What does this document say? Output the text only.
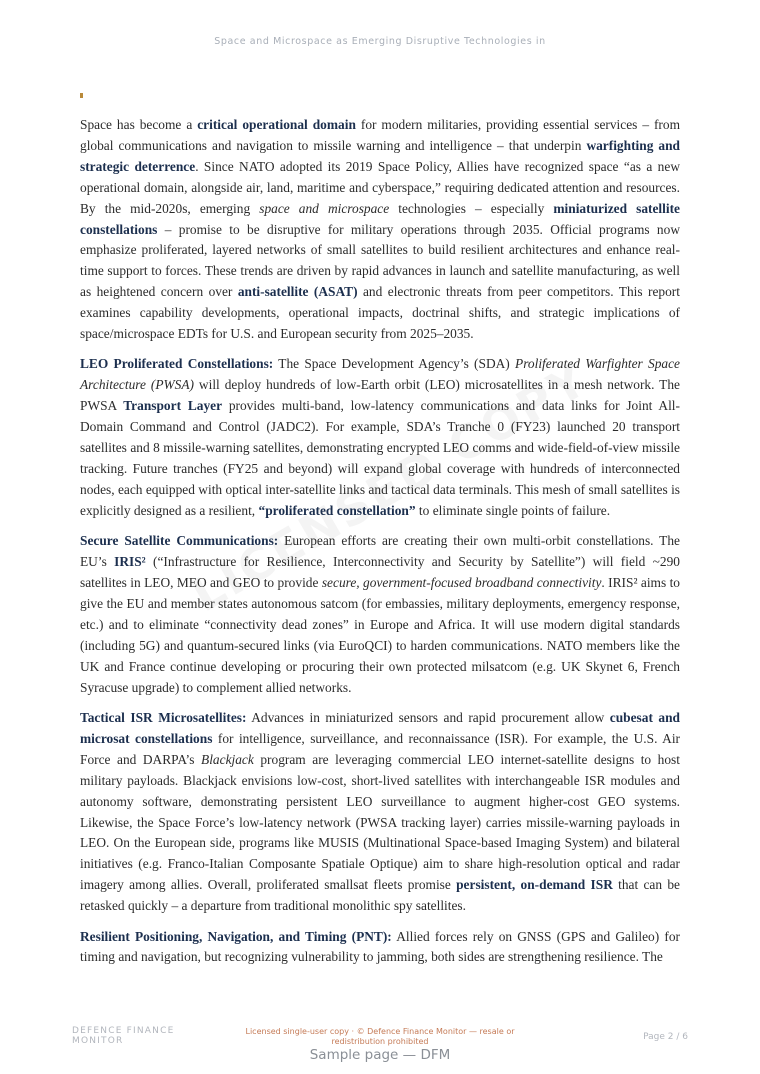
Space and Microspace as Emerging Disruptive Technologies in

Space has become a critical operational domain for modern militaries, providing essential services – from global communications and navigation to missile warning and intelligence – that underpin warfighting and strategic deterrence. Since NATO adopted its 2019 Space Policy, Allies have recognized space “as a new operational domain, alongside air, land, maritime and cyberspace,” requiring dedicated attention and resources. By the mid-2020s, emerging space and microspace technologies – especially miniaturized satellite constellations – promise to be disruptive for military operations through 2035. Official programs now emphasize proliferated, layered networks of small satellites to build resilient architectures and enhance real-time support to forces. These trends are driven by rapid advances in launch and satellite manufacturing, as well as heightened concern over anti-satellite (ASAT) and electronic threats from peer competitors. This report examines capability developments, operational impacts, doctrinal shifts, and strategic implications of space/microspace EDTs for U.S. and European security from 2025–2035.

LEO Proliferated Constellations: The Space Development Agency’s (SDA) Proliferated Warfighter Space Architecture (PWSA) will deploy hundreds of low-Earth orbit (LEO) microsatellites in a mesh network. The PWSA Transport Layer provides multi-band, low-latency communications and data links for Joint All-Domain Command and Control (JADC2). For example, SDA’s Tranche 0 (FY23) launched 20 transport satellites and 8 missile-warning satellites, demonstrating encrypted LEO comms and wide-field-of-view missile tracking. Future tranches (FY25 and beyond) will expand global coverage with hundreds of interconnected nodes, each equipped with optical inter-satellite links and tactical data terminals. This mesh of small satellites is explicitly designed as a resilient, “proliferated constellation” to eliminate single points of failure.

Secure Satellite Communications: European efforts are creating their own multi-orbit constellations. The EU’s IRIS² (“Infrastructure for Resilience, Interconnectivity and Security by Satellite”) will field ~290 satellites in LEO, MEO and GEO to provide secure, government-focused broadband connectivity. IRIS² aims to give the EU and member states autonomous satcom (for embassies, military deployments, emergency response, etc.) and to eliminate “connectivity dead zones” in Europe and Africa. It will use modern digital standards (including 5G) and quantum-secured links (via EuroQCI) to harden communications. NATO members like the UK and France continue developing or procuring their own protected milsatcom (e.g. UK Skynet 6, French Syracuse upgrade) to complement allied networks.

Tactical ISR Microsatellites: Advances in miniaturized sensors and rapid procurement allow cubesat and microsat constellations for intelligence, surveillance, and reconnaissance (ISR). For example, the U.S. Air Force and DARPA’s Blackjack program are leveraging commercial LEO internet-satellite designs to host military payloads. Blackjack envisions low-cost, short-lived satellites with interchangeable ISR modules and autonomy software, demonstrating persistent LEO surveillance to augment higher-cost GEO systems. Likewise, the Space Force’s low-latency network (PWSA tracking layer) carries missile-warning payloads in LEO. On the European side, programs like MUSIS (Multinational Space-based Imaging System) and bilateral initiatives (e.g. Franco-Italian Composante Spatiale Optique) aim to share high-resolution optical and radar imagery among allies. Overall, proliferated smallsat fleets promise persistent, on-demand ISR that can be retasked quickly – a departure from traditional monolithic spy satellites.

Resilient Positioning, Navigation, and Timing (PNT): Allied forces rely on GNSS (GPS and Galileo) for timing and navigation, but recognizing vulnerability to jamming, both sides are strengthening resilience. The

DEFENCE FINANCE
MONITOR
Licensed single-user copy · © Defence Finance Monitor — resale or redistribution prohibited	Page 2 / 6
Sample page — DFM
